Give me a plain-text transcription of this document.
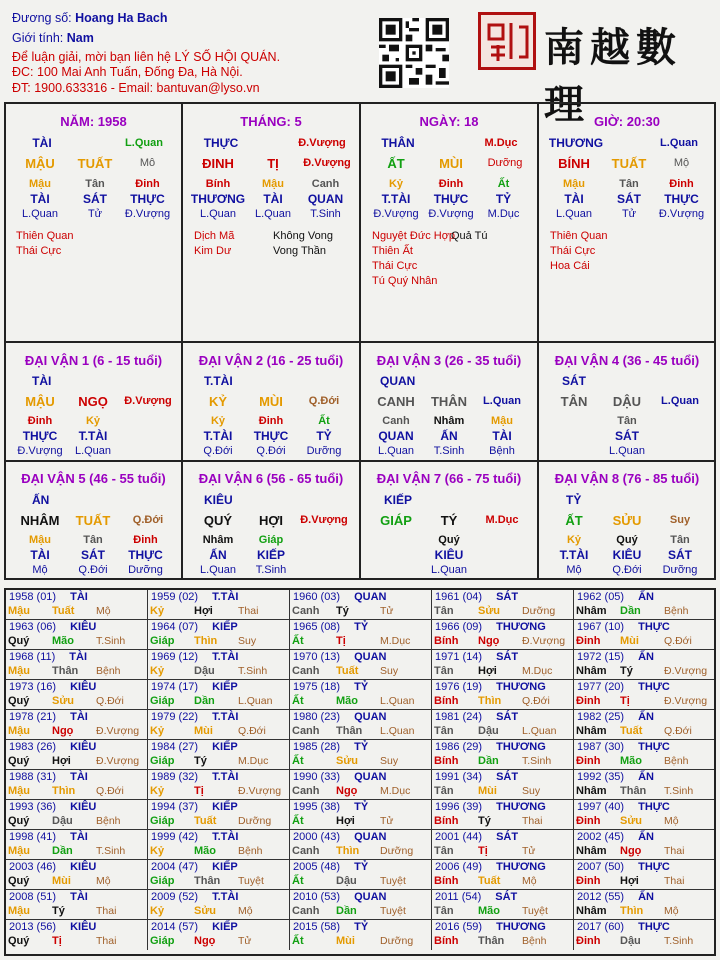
Đương số: Hoang Ha Bach
Giới tính: Nam
Để luận giải, mời bạn liên hệ LÝ SỐ HỘI QUÁN.
ĐC: 100 Mai Anh Tuấn, Đống Đa, Hà Nội.
ĐT: 1900.633316 - Email: bantuvan@lyso.vn
南越數理
NĂM: 1958
TÀI	L.Quan
MẬU	TUẤT	Mô
Mậu	Tân	Đinh
TÀI	SÁT	THỰC
L.Quan	Tử	Đ.Vượng
Thiên Quan
Thái Cực
THÁNG: 5
THỰC	Đ.Vượng
ĐINH	TỊ	Đ.Vượng
Bính	Mậu	Canh
THƯƠNG	TÀI	QUAN
L.Quan	L.Quan	T.Sinh
Dịch Mã
Kim Dư
Không Vong
Vong Thần
NGÀY: 18
THÂN	M.Dục
ẤT	MÙI	Dưỡng
Kỷ	Đinh	Ất
T.TÀI	THỰC	TỶ
Đ.Vượng Đ.Vượng	M.Dục
Nguyệt Đức Hợp
Quả Tú
Thiên Ất
Thái Cực
Tú Quý Nhân
GIỜ: 20:30
THƯƠNG	L.Quan
BÍNH	TUẤT	Mộ
Mậu	Tân	Đinh
TÀI	SÁT	THỰC
L.Quan	Tử	Đ.Vượng
Thiên Quan
Thái Cực
Hoa Cái
ĐẠI VẬN 1 (6 - 15 tuổi)
TÀI
MẬU	NGỌ	Đ.Vượng
Đinh	Kỷ
THỰC	T.TÀI
Đ.Vượng	L.Quan
ĐẠI VẬN 2 (16 - 25 tuổi)
T.TÀI
KỶ	MÙI	Q.Đới
Kỷ	Đinh	Ất
T.TÀI	THỰC	TỶ
Q.Đới	Q.Đới	Dưỡng
ĐẠI VẬN 3 (26 - 35 tuổi)
QUAN
CANH	THÂN	L.Quan
Canh	Nhâm	Mậu
QUAN	ẤN	TÀI
L.Quan	T.Sinh	Bệnh
ĐẠI VẬN 4 (36 - 45 tuổi)
SÁT
TÂN	DẬU	L.Quan
Tân
SÁT
L.Quan
ĐẠI VẬN 5 (46 - 55 tuổi)
ẤN
NHÂM	TUẤT	Q.Đới
Mậu	Tân	Đinh
TÀI	SÁT	THỰC
Mộ	Q.Đới	Dưỡng
ĐẠI VẬN 6 (56 - 65 tuổi)
KIÊU
QUÝ	HỢI	Đ.Vượng
Nhâm	Giáp
ẤN	KIẾP
L.Quan	T.Sinh
ĐẠI VẬN 7 (66 - 75 tuổi)
KIẾP
GIÁP	TÝ	M.Dục
Quý
KIÊU
L.Quan
ĐẠI VẬN 8 (76 - 85 tuổi)
TỶ
ẤT	SỬU	Suy
Kỷ	Quý	Tân
T.TÀI	KIÊU	SÁT
Mộ	Q.Đới	Dưỡng
1958 (01) TÀI
Mậu Tuất Mộ
1959 (02) T.TÀI
Kỷ	Hợi Thai
1960 (03) QUAN
Canh Tý	Tử
1961 (04) SÁT
Tân Sửu Dưỡng
1962 (05) ẤN
Nhâm Dần Bệnh
1963 (06) KIÊU
Quý Mão T.Sinh
1964 (07) KIẾP
Giáp Thìn Suy
1965 (08) TỶ
Ất	Tị	M.Dục
1966 (09) THƯƠNG
Bính Ngọ Đ.Vượng
1967 (10) THỰC
Đinh Mùi Q.Đới
1968 (11) TÀI
Mậu Thân Bệnh
1969 (12) T.TÀI
Kỷ	Dậu T.Sinh
1970 (13) QUAN
Canh Tuất Suy
1971 (14) SÁT
Tân Hợi M.Dục
1972 (15) ẤN
Nhâm Tý	Đ.Vượng
1973 (16) KIÊU
Quý Sửu Q.Đới
1974 (17) KIẾP
Giáp Dần L.Quan
1975 (18) TỶ
Ất	Mão L.Quan
1976 (19) THƯƠNG
Bính Thìn Q.Đới
1977 (20) THỰC
Đinh Tị	Đ.Vượng
1978 (21) TÀI
Mậu Ngọ Đ.Vượng
1979 (22) T.TÀI
Kỷ	Mùi Q.Đới
1980 (23) QUAN
Canh Thân L.Quan
1981 (24) SÁT
Tân Dậu L.Quan
1982 (25) ẤN
Nhâm Tuất Q.Đới
1983 (26) KIÊU
Quý Hợi Đ.Vượng
1984 (27) KIẾP
Giáp Tý	M.Dục
1985 (28) TỶ
Ất	Sửu Suy
1986 (29) THƯƠNG
Bính Dần T.Sinh
1987 (30) THỰC
Đinh Mão Bệnh
1988 (31) TÀI
Mậu Thìn Q.Đới
1989 (32) T.TÀI
Kỷ	Tị	Đ.Vượng
1990 (33) QUAN
Canh Ngọ M.Dục
1991 (34) SÁT
Tân Mùi Suy
1992 (35) ẤN
Nhâm Thân T.Sinh
1993 (36) KIÊU
Quý Dậu Bệnh
1994 (37) KIẾP
Giáp Tuất Dưỡng
1995 (38) TỶ
Ất	Hợi Tử
1996 (39) THƯƠNG
Bính Tý	Thai
1997 (40) THỰC
Đinh Sửu Mộ
1998 (41) TÀI
Mậu Dần T.Sinh
1999 (42) T.TÀI
Kỷ	Mão Bệnh
2000 (43) QUAN
Canh Thìn Dưỡng
2001 (44) SÁT
Tân Tị	Tử
2002 (45) ẤN
Nhâm Ngọ Thai
2003 (46) KIÊU
Quý Mùi Mộ
2004 (47) KIẾP
Giáp Thân Tuyệt
2005 (48) TỶ
Ất	Dậu Tuyệt
2006 (49) THƯƠNG
Bính Tuất Mộ
2007 (50) THỰC
Đinh Hợi Thai
2008 (51) TÀI
Mậu Tý	Thai
2009 (52) T.TÀI
Kỷ	Sửu Mộ
2010 (53) QUAN
Canh Dần Tuyệt
2011 (54) SÁT
Tân Mão Tuyệt
2012 (55) ẤN
Nhâm Thìn Mộ
2013 (56) KIÊU
Quý Tị	Thai
2014 (57) KIẾP
Giáp Ngọ Tử
2015 (58) TỶ
Ất	Mùi Dưỡng
2016 (59) THƯƠNG
Bính Thân Bệnh
2017 (60) THỰC
Đinh Dậu T.Sinh
